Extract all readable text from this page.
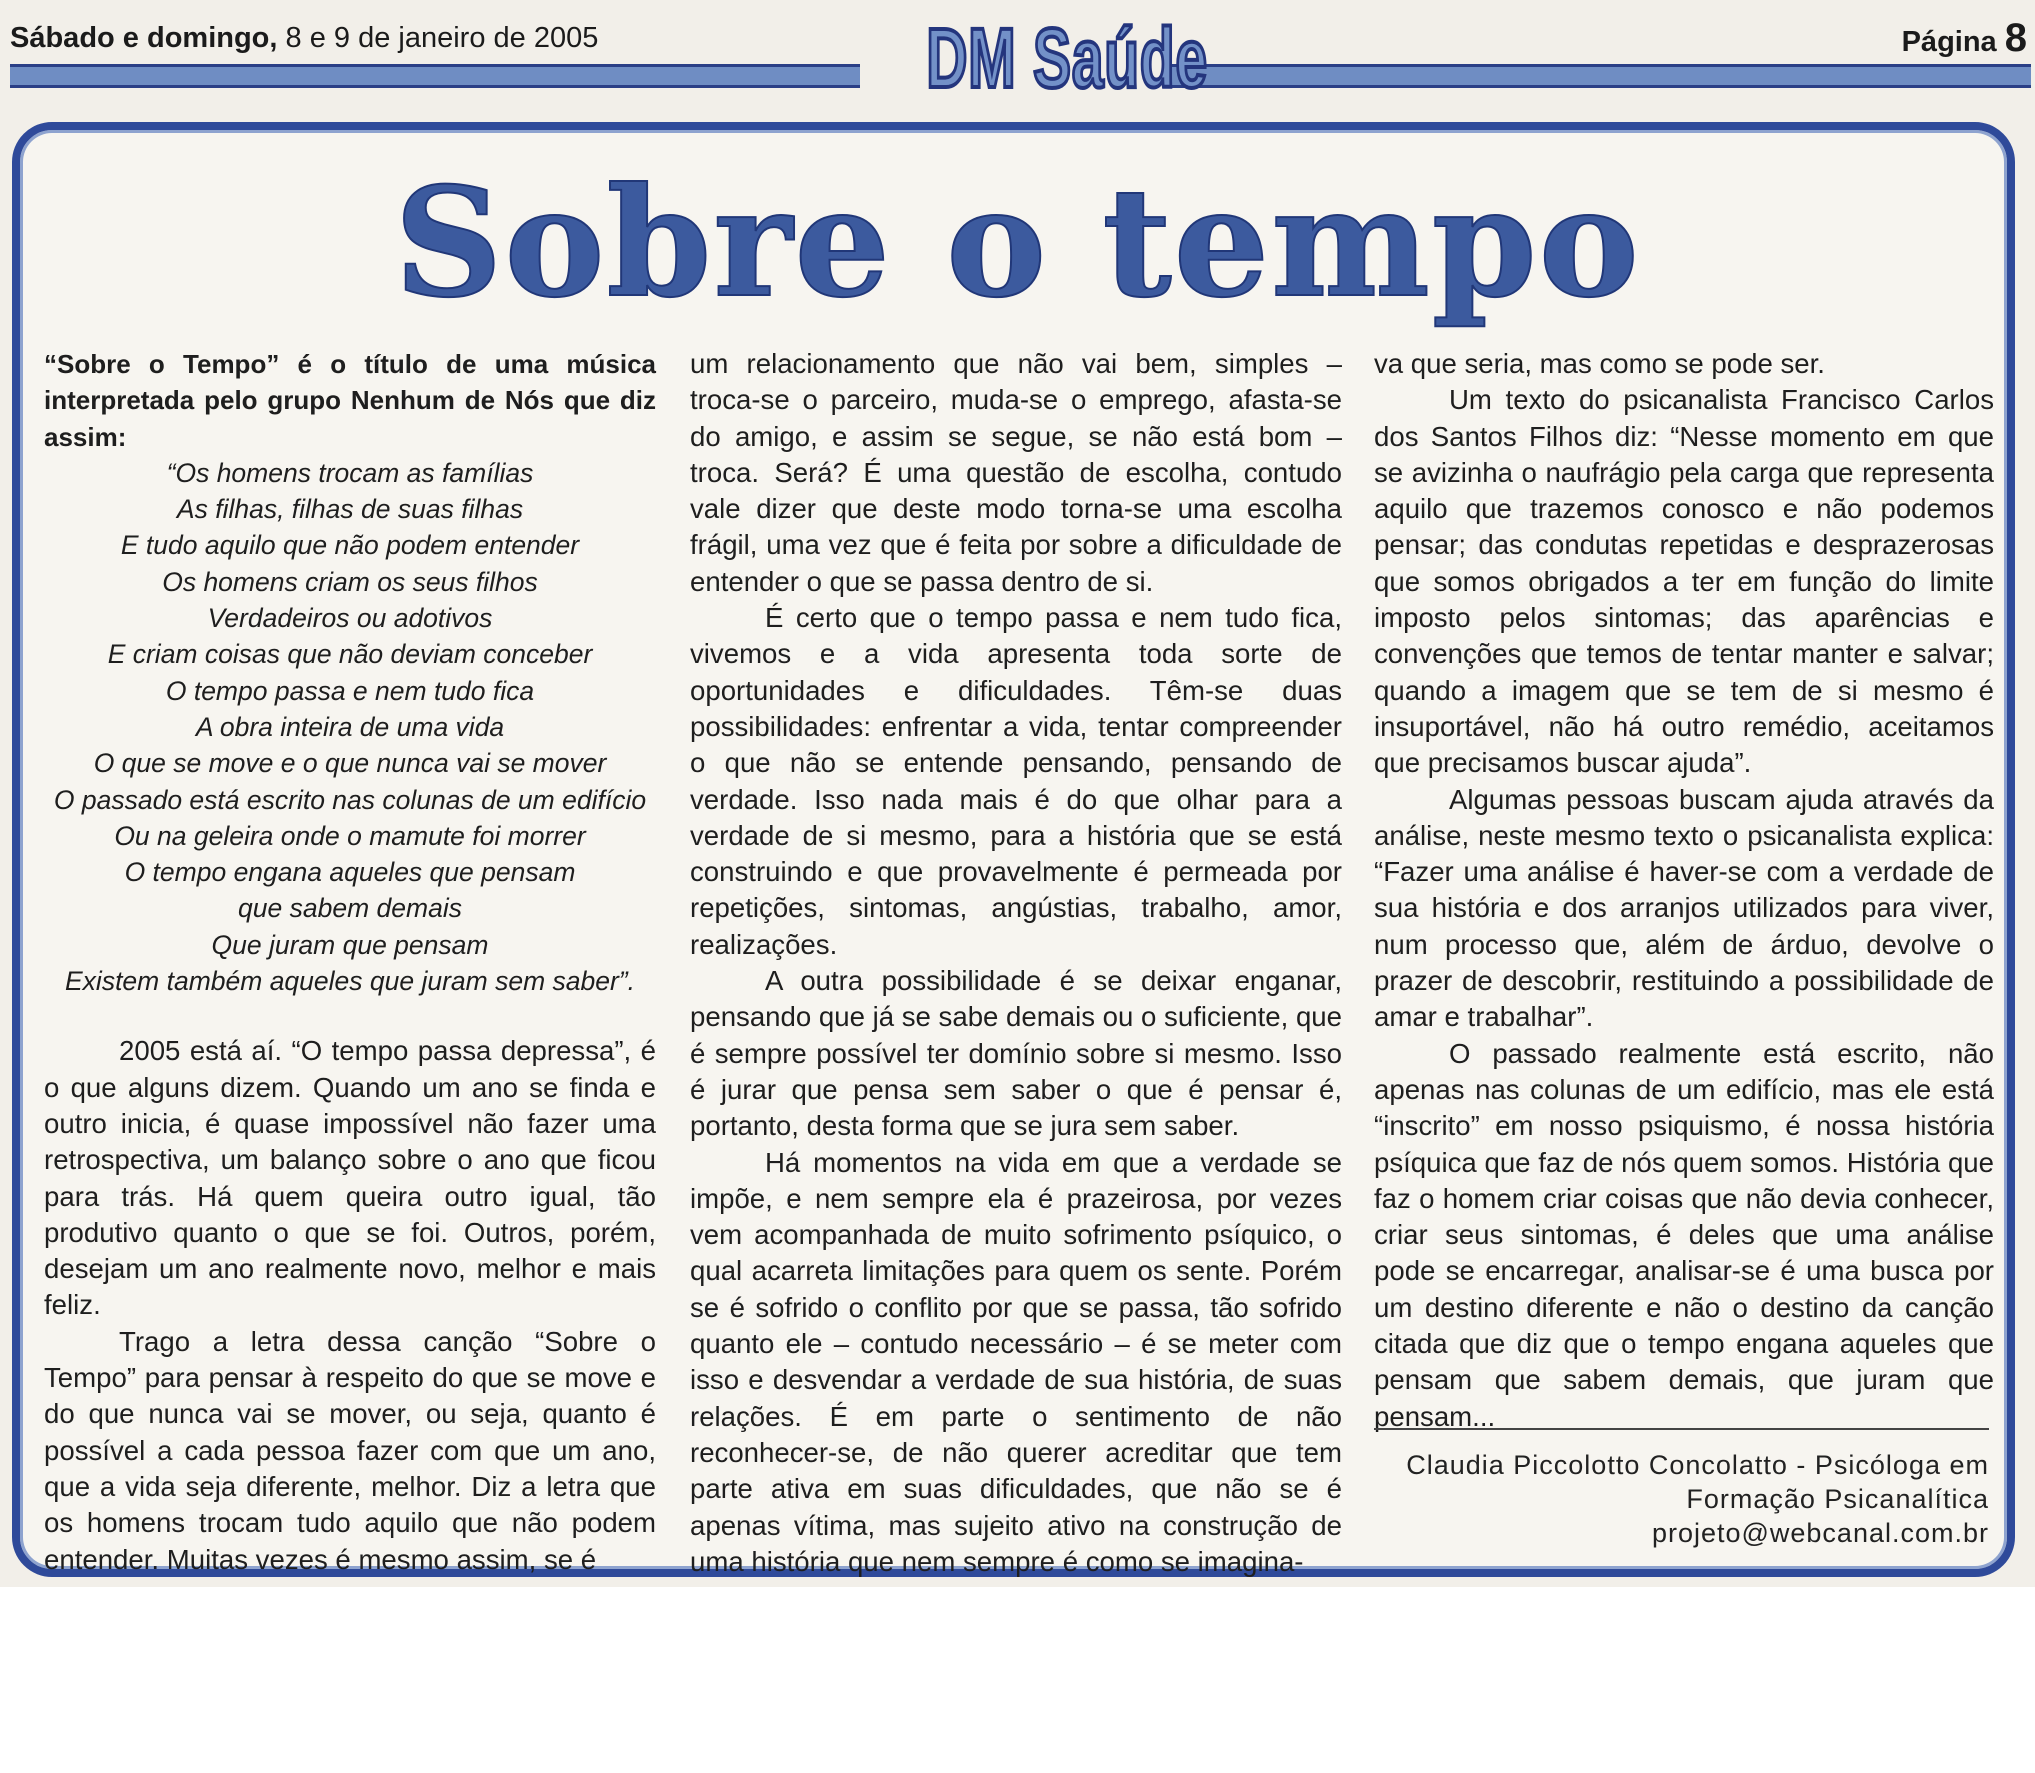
Sábado e domingo, 8 e 9 de janeiro de 2005	DM Saúde	Página 8
Sobre o tempo
“Sobre o Tempo” é o título de uma música interpretada pelo grupo Nenhum de Nós que diz assim:
“Os homens trocam as famílias
As filhas, filhas de suas filhas
E tudo aquilo que não podem entender
Os homens criam os seus filhos
Verdadeiros ou adotivos
E criam coisas que não deviam conceber
O tempo passa e nem tudo fica
A obra inteira de uma vida
O que se move e o que nunca vai se mover
O passado está escrito nas colunas de um edifício
Ou na geleira onde o mamute foi morrer
O tempo engana aqueles que pensam
que sabem demais
Que juram que pensam
Existem também aqueles que juram sem saber”.

2005 está aí. “O tempo passa depressa”, é o que alguns dizem. Quando um ano se finda e outro inicia, é quase impossível não fazer uma retrospectiva, um balanço sobre o ano que ficou para trás. Há quem queira outro igual, tão produtivo quanto o que se foi. Outros, porém, desejam um ano realmente novo, melhor e mais feliz.

Trago a letra dessa canção “Sobre o Tempo” para pensar à respeito do que se move e do que nunca vai se mover, ou seja, quanto é possível a cada pessoa fazer com que um ano, que a vida seja diferente, melhor. Diz a letra que os homens trocam tudo aquilo que não podem entender. Muitas vezes é mesmo assim, se é

um relacionamento que não vai bem, simples – troca-se o parceiro, muda-se o emprego, afasta-se do amigo, e assim se segue, se não está bom – troca. Será? É uma questão de escolha, contudo vale dizer que deste modo torna-se uma escolha frágil, uma vez que é feita por sobre a dificuldade de entender o que se passa dentro de si.

É certo que o tempo passa e nem tudo fica, vivemos e a vida apresenta toda sorte de oportunidades e dificuldades. Têm-se duas possibilidades: enfrentar a vida, tentar compreender o que não se entende pensando, pensando de verdade. Isso nada mais é do que olhar para a verdade de si mesmo, para a história que se está construindo e que provavelmente é permeada por repetições, sintomas, angústias, trabalho, amor, realizações.

A outra possibilidade é se deixar enganar, pensando que já se sabe demais ou o suficiente, que é sempre possível ter domínio sobre si mesmo. Isso é jurar que pensa sem saber o que é pensar é, portanto, desta forma que se jura sem saber.

Há momentos na vida em que a verdade se impõe, e nem sempre ela é prazeirosa, por vezes vem acompanhada de muito sofrimento psíquico, o qual acarreta limitações para quem os sente. Porém se é sofrido o conflito por que se passa, tão sofrido quanto ele – contudo necessário – é se meter com isso e desvendar a verdade de sua história, de suas relações. É em parte o sentimento de não reconhecer-se, de não querer acreditar que tem parte ativa em suas dificuldades, que não se é apenas vítima, mas sujeito ativo na construção de uma história que nem sempre é como se imagina-

va que seria, mas como se pode ser.

Um texto do psicanalista Francisco Carlos dos Santos Filhos diz: “Nesse momento em que se avizinha o naufrágio pela carga que representa aquilo que trazemos conosco e não podemos pensar; das condutas repetidas e desprazerosas que somos obrigados a ter em função do limite imposto pelos sintomas; das aparências e convenções que temos de tentar manter e salvar; quando a imagem que se tem de si mesmo é insuportável, não há outro remédio, aceitamos que precisamos buscar ajuda”.

Algumas pessoas buscam ajuda através da análise, neste mesmo texto o psicanalista explica: “Fazer uma análise é haver-se com a verdade de sua história e dos arranjos utilizados para viver, num processo que, além de árduo, devolve o prazer de descobrir, restituindo a possibilidade de amar e trabalhar”.

O passado realmente está escrito, não apenas nas colunas de um edifício, mas ele está “inscrito” em nosso psiquismo, é nossa história psíquica que faz de nós quem somos. História que faz o homem criar coisas que não devia conhecer, criar seus sintomas, é deles que uma análise pode se encarregar, analisar-se é uma busca por um destino diferente e não o destino da canção citada que diz que o tempo engana aqueles que pensam que sabem demais, que juram que pensam...

Claudia Piccolotto Concolatto - Psicóloga em
Formação Psicanalítica
projeto@webcanal.com.br
